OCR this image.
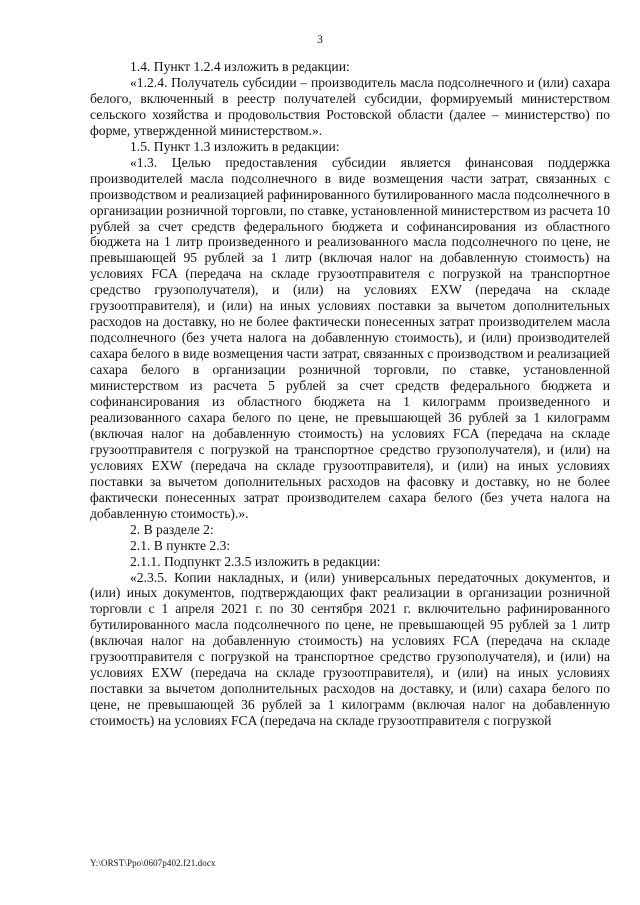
3

1.4. Пункт 1.2.4 изложить в редакции:

«1.2.4. Получатель субсидии – производитель масла подсолнечного и (или) сахара белого, включенный в реестр получателей субсидии, формируемый министерством сельского хозяйства и продовольствия Ростовской области (далее – министерство) по форме, утвержденной министерством.».

1.5. Пункт 1.3 изложить в редакции:

«1.3. Целью предоставления субсидии является финансовая поддержка производителей масла подсолнечного в виде возмещения части затрат, связанных с производством и реализацией рафинированного бутилированного масла подсолнечного в организации розничной торговли, по ставке, установленной министерством из расчета 10 рублей за счет средств федерального бюджета и софинансирования из областного бюджета на 1 литр произведенного и реализованного масла подсолнечного по цене, не превышающей 95 рублей за 1 литр (включая налог на добавленную стоимость) на условиях FCA (передача на складе грузоотправителя с погрузкой на транспортное средство грузополучателя), и (или) на условиях EXW (передача на складе грузоотправителя), и (или) на иных условиях поставки за вычетом дополнительных расходов на доставку, но не более фактически понесенных затрат производителем масла подсолнечного (без учета налога на добавленную стоимость), и (или) производителей сахара белого в виде возмещения части затрат, связанных с производством и реализацией сахара белого в организации розничной торговли, по ставке, установленной министерством из расчета 5 рублей за счет средств федерального бюджета и софинансирования из областного бюджета на 1 килограмм произведенного и реализованного сахара белого по цене, не превышающей 36 рублей за 1 килограмм (включая налог на добавленную стоимость) на условиях FCA (передача на складе грузоотправителя с погрузкой на транспортное средство грузополучателя), и (или) на условиях EXW (передача на складе грузоотправителя), и (или) на иных условиях поставки за вычетом дополнительных расходов на фасовку и доставку, но не более фактически понесенных затрат производителем сахара белого (без учета налога на добавленную стоимость).».

2. В разделе 2:

2.1. В пункте 2.3:

2.1.1. Подпункт 2.3.5 изложить в редакции:

«2.3.5. Копии накладных, и (или) универсальных передаточных документов, и (или) иных документов, подтверждающих факт реализации в организации розничной торговли с 1 апреля 2021 г. по 30 сентября 2021 г. включительно рафинированного бутилированного масла подсолнечного по цене, не превышающей 95 рублей за 1 литр (включая налог на добавленную стоимость) на условиях FCA (передача на складе грузоотправителя с погрузкой на транспортное средство грузополучателя), и (или) на условиях EXW (передача на складе грузоотправителя), и (или) на иных условиях поставки за вычетом дополнительных расходов на доставку, и (или) сахара белого по цене, не превышающей 36 рублей за 1 килограмм (включая налог на добавленную стоимость) на условиях FCA (передача на складе грузоотправителя с погрузкой

Y:\ORST\Ppo\0607p402.f21.docx
